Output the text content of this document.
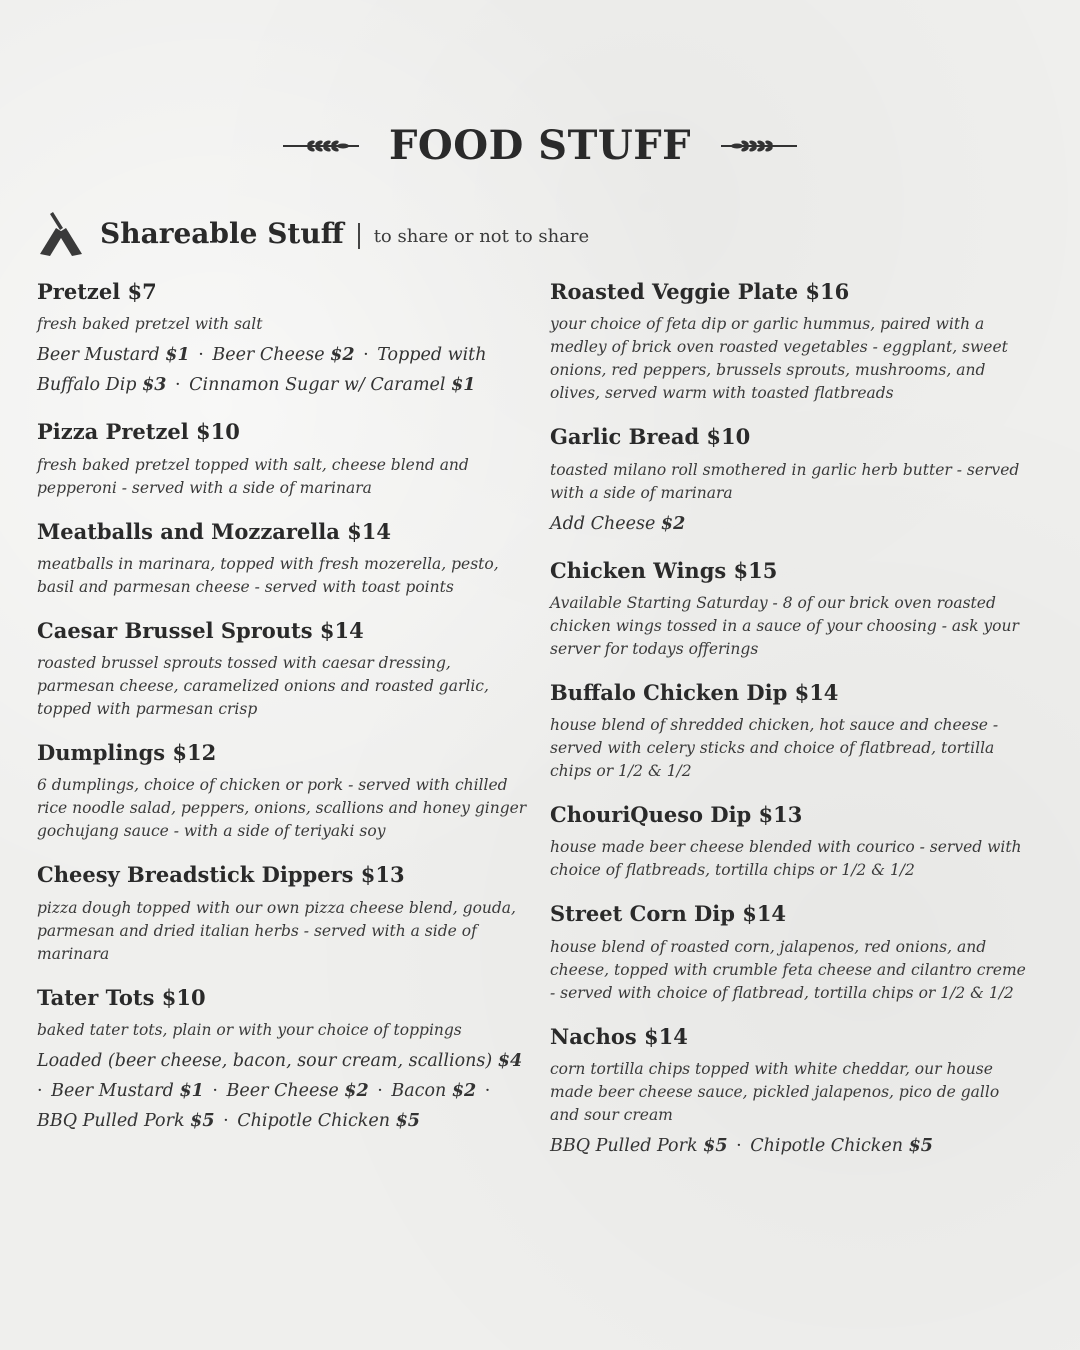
FOOD STUFF
Shareable Stuff to share or not to share
Pretzel $7

fresh baked pretzel with salt

Beer Mustard $1 · Beer Cheese $2 · Topped with Buffalo Dip $3 · Cinnamon Sugar w/ Caramel $1

Pizza Pretzel $10

fresh baked pretzel topped with salt, cheese blend and pepperoni - served with a side of marinara

Meatballs and Mozzarella $14

meatballs in marinara, topped with fresh mozerella, pesto, basil and parmesan cheese - served with toast points

Caesar Brussel Sprouts $14

roasted brussel sprouts tossed with caesar dressing, parmesan cheese, caramelized onions and roasted garlic, topped with parmesan crisp

Dumplings $12

6 dumplings, choice of chicken or pork - served with chilled rice noodle salad, peppers, onions, scallions and honey ginger gochujang sauce - with a side of teriyaki soy

Cheesy Breadstick Dippers $13

pizza dough topped with our own pizza cheese blend, gouda, parmesan and dried italian herbs - served with a side of marinara

Tater Tots $10

baked tater tots, plain or with your choice of toppings

Loaded (beer cheese, bacon, sour cream, scallions) $4 · Beer Mustard $1 · Beer Cheese $2 · Bacon $2 · BBQ Pulled Pork $5 · Chipotle Chicken $5

Roasted Veggie Plate $16

your choice of feta dip or garlic hummus, paired with a medley of brick oven roasted vegetables - eggplant, sweet onions, red peppers, brussels sprouts, mushrooms, and olives, served warm with toasted flatbreads

Garlic Bread $10

toasted milano roll smothered in garlic herb butter - served with a side of marinara

Add Cheese $2

Chicken Wings $15

Available Starting Saturday - 8 of our brick oven roasted chicken wings tossed in a sauce of your choosing - ask your server for todays offerings

Buffalo Chicken Dip $14

house blend of shredded chicken, hot sauce and cheese - served with celery sticks and choice of flatbread, tortilla chips or 1/2 & 1/2

ChouriQueso Dip $13

house made beer cheese blended with courico - served with choice of flatbreads, tortilla chips or 1/2 & 1/2

Street Corn Dip $14

house blend of roasted corn, jalapenos, red onions, and cheese, topped with crumble feta cheese and cilantro creme - served with choice of flatbread, tortilla chips or 1/2 & 1/2

Nachos $14

corn tortilla chips topped with white cheddar, our house made beer cheese sauce, pickled jalapenos, pico de gallo and sour cream

BBQ Pulled Pork $5 · Chipotle Chicken $5
